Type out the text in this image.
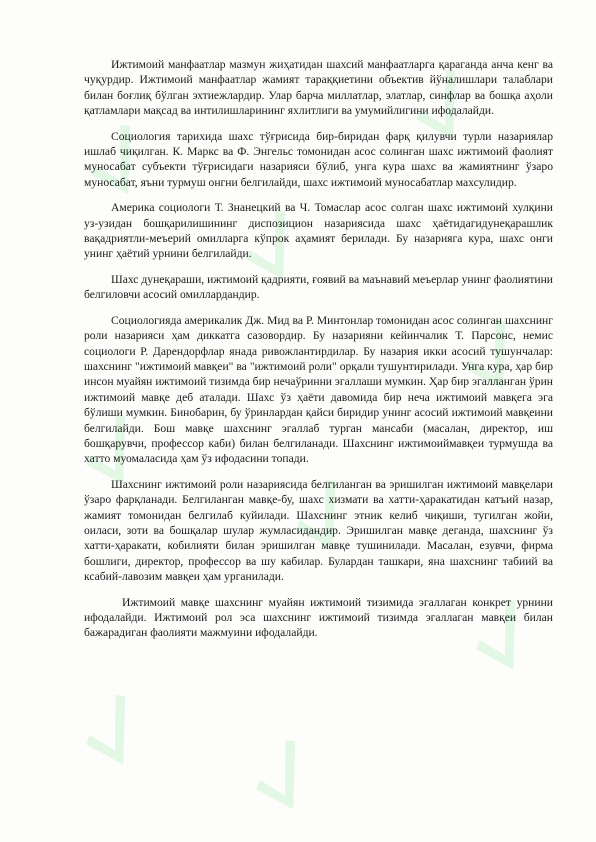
Ижтимоий манфаатлар мазмун жиҳатидан шахсий манфаатларга қараганда анча кенг ва чуқурдир. Ижтимоий манфаатлар жамият тараққиетини объектив йўналишлари талаблари билан боғлиқ бўлган эхтиежлардир. Улар барча миллатлар, элатлар, синфлар ва бошқа аҳоли қатламлари мақсад ва интилишларининг яхлитлиги ва умумийлигини ифодалайди.

Социология тарихида шахс тўғрисида бир-биридан фарқ қилувчи турли назариялар ишлаб чиқилган. К. Маркс ва Ф. Энгельс томонидан асос солинган шахс ижтимоий фаолият муносабат субъекти тўғрисидаги назарияси бўлиб, унга кура шахс ва жамиятнинг ўзаро муносабат, яъни турмуш онгни белгилайди, шахс ижтимоий муносабатлар махсулидир.

Америка социологи Т. Знанецкий ва Ч. Томаслар асос солган шахс ижтимоий хулқини уз-узидан бошқарилишининг диспозицион назариясида шахс ҳаётидагидунеқарашлик вақадриятли-меъерий омилларга кўпрок аҳамият берилади. Бу назарияга кура, шахс онги унинг ҳаётий урнини белгилайди.

Шахс дунеқараши, ижтимоий қадрияти, ғоявий ва маънавий меъерлар унинг фаолиятини белгиловчи асосий омиллардандир.

Социологияда америкалик Дж. Мид ва Р. Минтонлар томонидан асос солинган шахснинг роли назарияси ҳам диккатга сазовордир. Бу назарияни кейинчалик Т. Парсонс, немис социологи Р. Дарендорфлар янада ривожлантирдилар. Бу назария икки асосий тушунчалар: шахснинг "ижтимоий мавқеи" ва "ижтимоий роли" орқали тушунтирилади. Унга кура, ҳар бир инсон муайян ижтимоий тизимда бир нечаўринни эгаллаши мумкин. Ҳар бир эгалланган ўрин ижтимоий мавқе деб аталади. Шахс ўз ҳаёти давомида бир неча ижтимоий мавқега эга бўлиши мумкин. Бинобарин, бу ўринлардан қайси биридир унинг асосий ижтимоий мавқеини белгилайди. Бош мавқе шахснинг эгаллаб турган мансаби (масалан, директор, иш бошқарувчи, профессор каби) билан белгиланади. Шахснинг ижтимоиймавқеи турмушда ва хатто муомаласида ҳам ўз ифодасини топади.

Шахснинг ижтимоий роли назариясида белгиланган ва эришилган ижтимоий мавқелари ўзаро фарқланади. Белгиланган мавқе-бу, шахс хизмати ва хатти-ҳаракатидан катъий назар, жамият томонидан белгилаб куйилади. Шахснинг этник келиб чиқиши, тугилган жойи, оиласи, зоти ва бошқалар шулар жумласидандир. Эришилган мавқе деганда, шахснинг ўз хатти-ҳаракати, кобилияти билан эришилган мавқе тушинилади. Масалан, езувчи, фирма бошлиги, директор, профессор ва шу кабилар. Булардан ташкари, яна шахснинг табиий ва ксабий-лавозим мавқеи ҳам урганилади.

Ижтимоий мавқе шахснинг муайян ижтимоий тизимида эгаллаган конкрет урнини ифодалайди. Ижтимоий рол эса шахснинг ижтимоий тизимда эгаллаган мавқеи билан бажарадиган фаолияти мажмуини ифодалайди.
